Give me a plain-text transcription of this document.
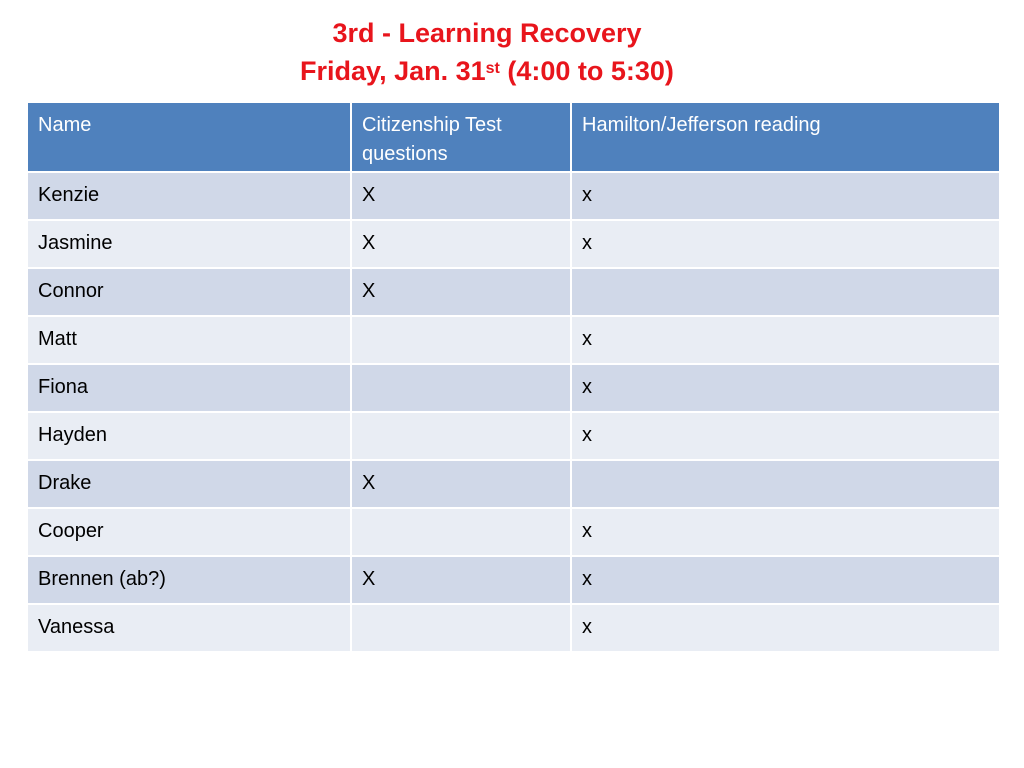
3rd - Learning Recovery
Friday, Jan. 31st (4:00 to 5:30)
Name	Citizenship Test questions	Hamilton/Jefferson reading
Kenzie	X	x
Jasmine	X	x
Connor	X	
Matt		x
Fiona		x
Hayden		x
Drake	X	
Cooper		x
Brennen (ab?)	X	x
Vanessa		x
